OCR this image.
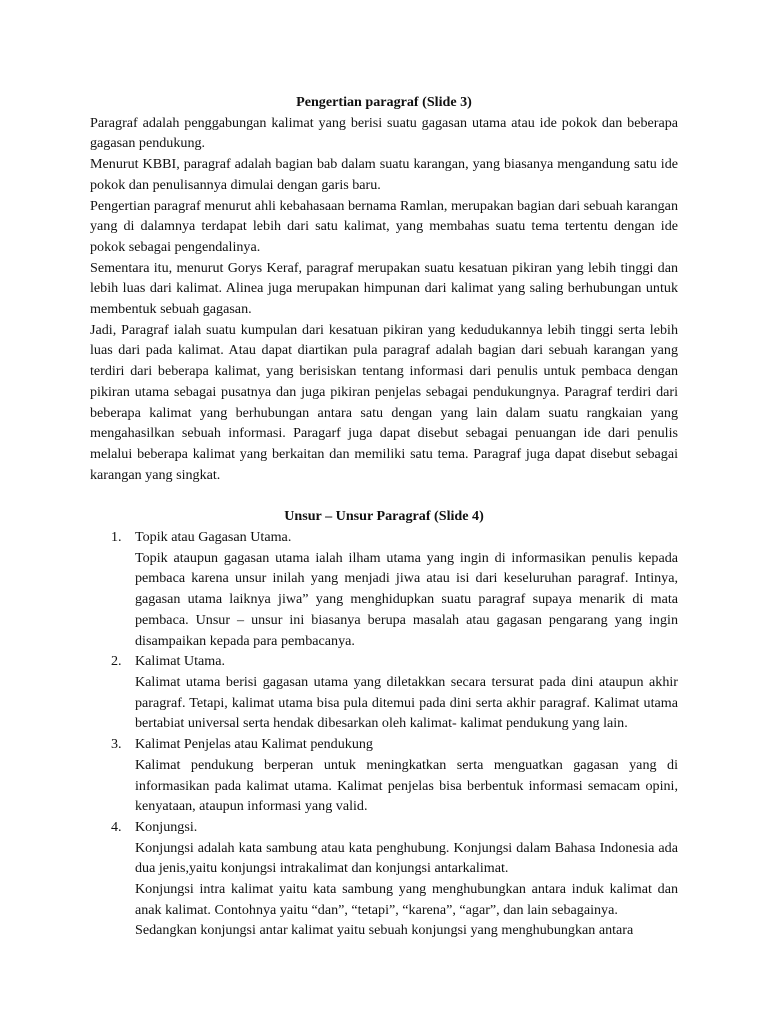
Pengertian paragraf (Slide 3)

Paragraf adalah penggabungan kalimat yang berisi suatu gagasan utama atau ide pokok dan beberapa gagasan pendukung.

Menurut KBBI, paragraf adalah bagian bab dalam suatu karangan, yang biasanya mengandung satu ide pokok dan penulisannya dimulai dengan garis baru.

Pengertian paragraf menurut ahli kebahasaan bernama Ramlan, merupakan bagian dari sebuah karangan yang di dalamnya terdapat lebih dari satu kalimat, yang membahas suatu tema tertentu dengan ide pokok sebagai pengendalinya.

Sementara itu, menurut Gorys Keraf, paragraf merupakan suatu kesatuan pikiran yang lebih tinggi dan lebih luas dari kalimat. Alinea juga merupakan himpunan dari kalimat yang saling berhubungan untuk membentuk sebuah gagasan.

Jadi, Paragraf ialah suatu kumpulan dari kesatuan pikiran yang kedudukannya lebih tinggi serta lebih luas dari pada kalimat. Atau dapat diartikan pula paragraf adalah bagian dari sebuah karangan yang terdiri dari beberapa kalimat, yang berisiskan tentang informasi dari penulis untuk pembaca dengan pikiran utama sebagai pusatnya dan juga pikiran penjelas sebagai pendukungnya. Paragraf terdiri dari beberapa kalimat yang berhubungan antara satu dengan yang lain dalam suatu rangkaian yang mengahasilkan sebuah informasi. Paragarf juga dapat disebut sebagai penuangan ide dari penulis melalui beberapa kalimat yang berkaitan dan memiliki satu tema. Paragraf juga dapat disebut sebagai karangan yang singkat.

Unsur – Unsur Paragraf (Slide 4)

1. Topik atau Gagasan Utama.

Topik ataupun gagasan utama ialah ilham utama yang ingin di informasikan penulis kepada pembaca karena unsur inilah yang menjadi jiwa atau isi dari keseluruhan paragraf. Intinya, gagasan utama laiknya jiwa” yang menghidupkan suatu paragraf supaya menarik di mata pembaca. Unsur – unsur ini biasanya berupa masalah atau gagasan pengarang yang ingin disampaikan kepada para pembacanya.

2. Kalimat Utama.

Kalimat utama berisi gagasan utama yang diletakkan secara tersurat pada dini ataupun akhir paragraf. Tetapi, kalimat utama bisa pula ditemui pada dini serta akhir paragraf. Kalimat utama bertabiat universal serta hendak dibesarkan oleh kalimat- kalimat pendukung yang lain.

3. Kalimat Penjelas atau Kalimat pendukung

Kalimat pendukung berperan untuk meningkatkan serta menguatkan gagasan yang di informasikan pada kalimat utama. Kalimat penjelas bisa berbentuk informasi semacam opini, kenyataan, ataupun informasi yang valid.

4. Konjungsi.

Konjungsi adalah kata sambung atau kata penghubung. Konjungsi dalam Bahasa Indonesia ada dua jenis,yaitu konjungsi intrakalimat dan konjungsi antarkalimat.

Konjungsi intra kalimat yaitu kata sambung yang menghubungkan antara induk kalimat dan anak kalimat. Contohnya yaitu “dan”, “tetapi”, “karena”, “agar”, dan lain sebagainya.

Sedangkan konjungsi antar kalimat yaitu sebuah konjungsi yang menghubungkan antara
